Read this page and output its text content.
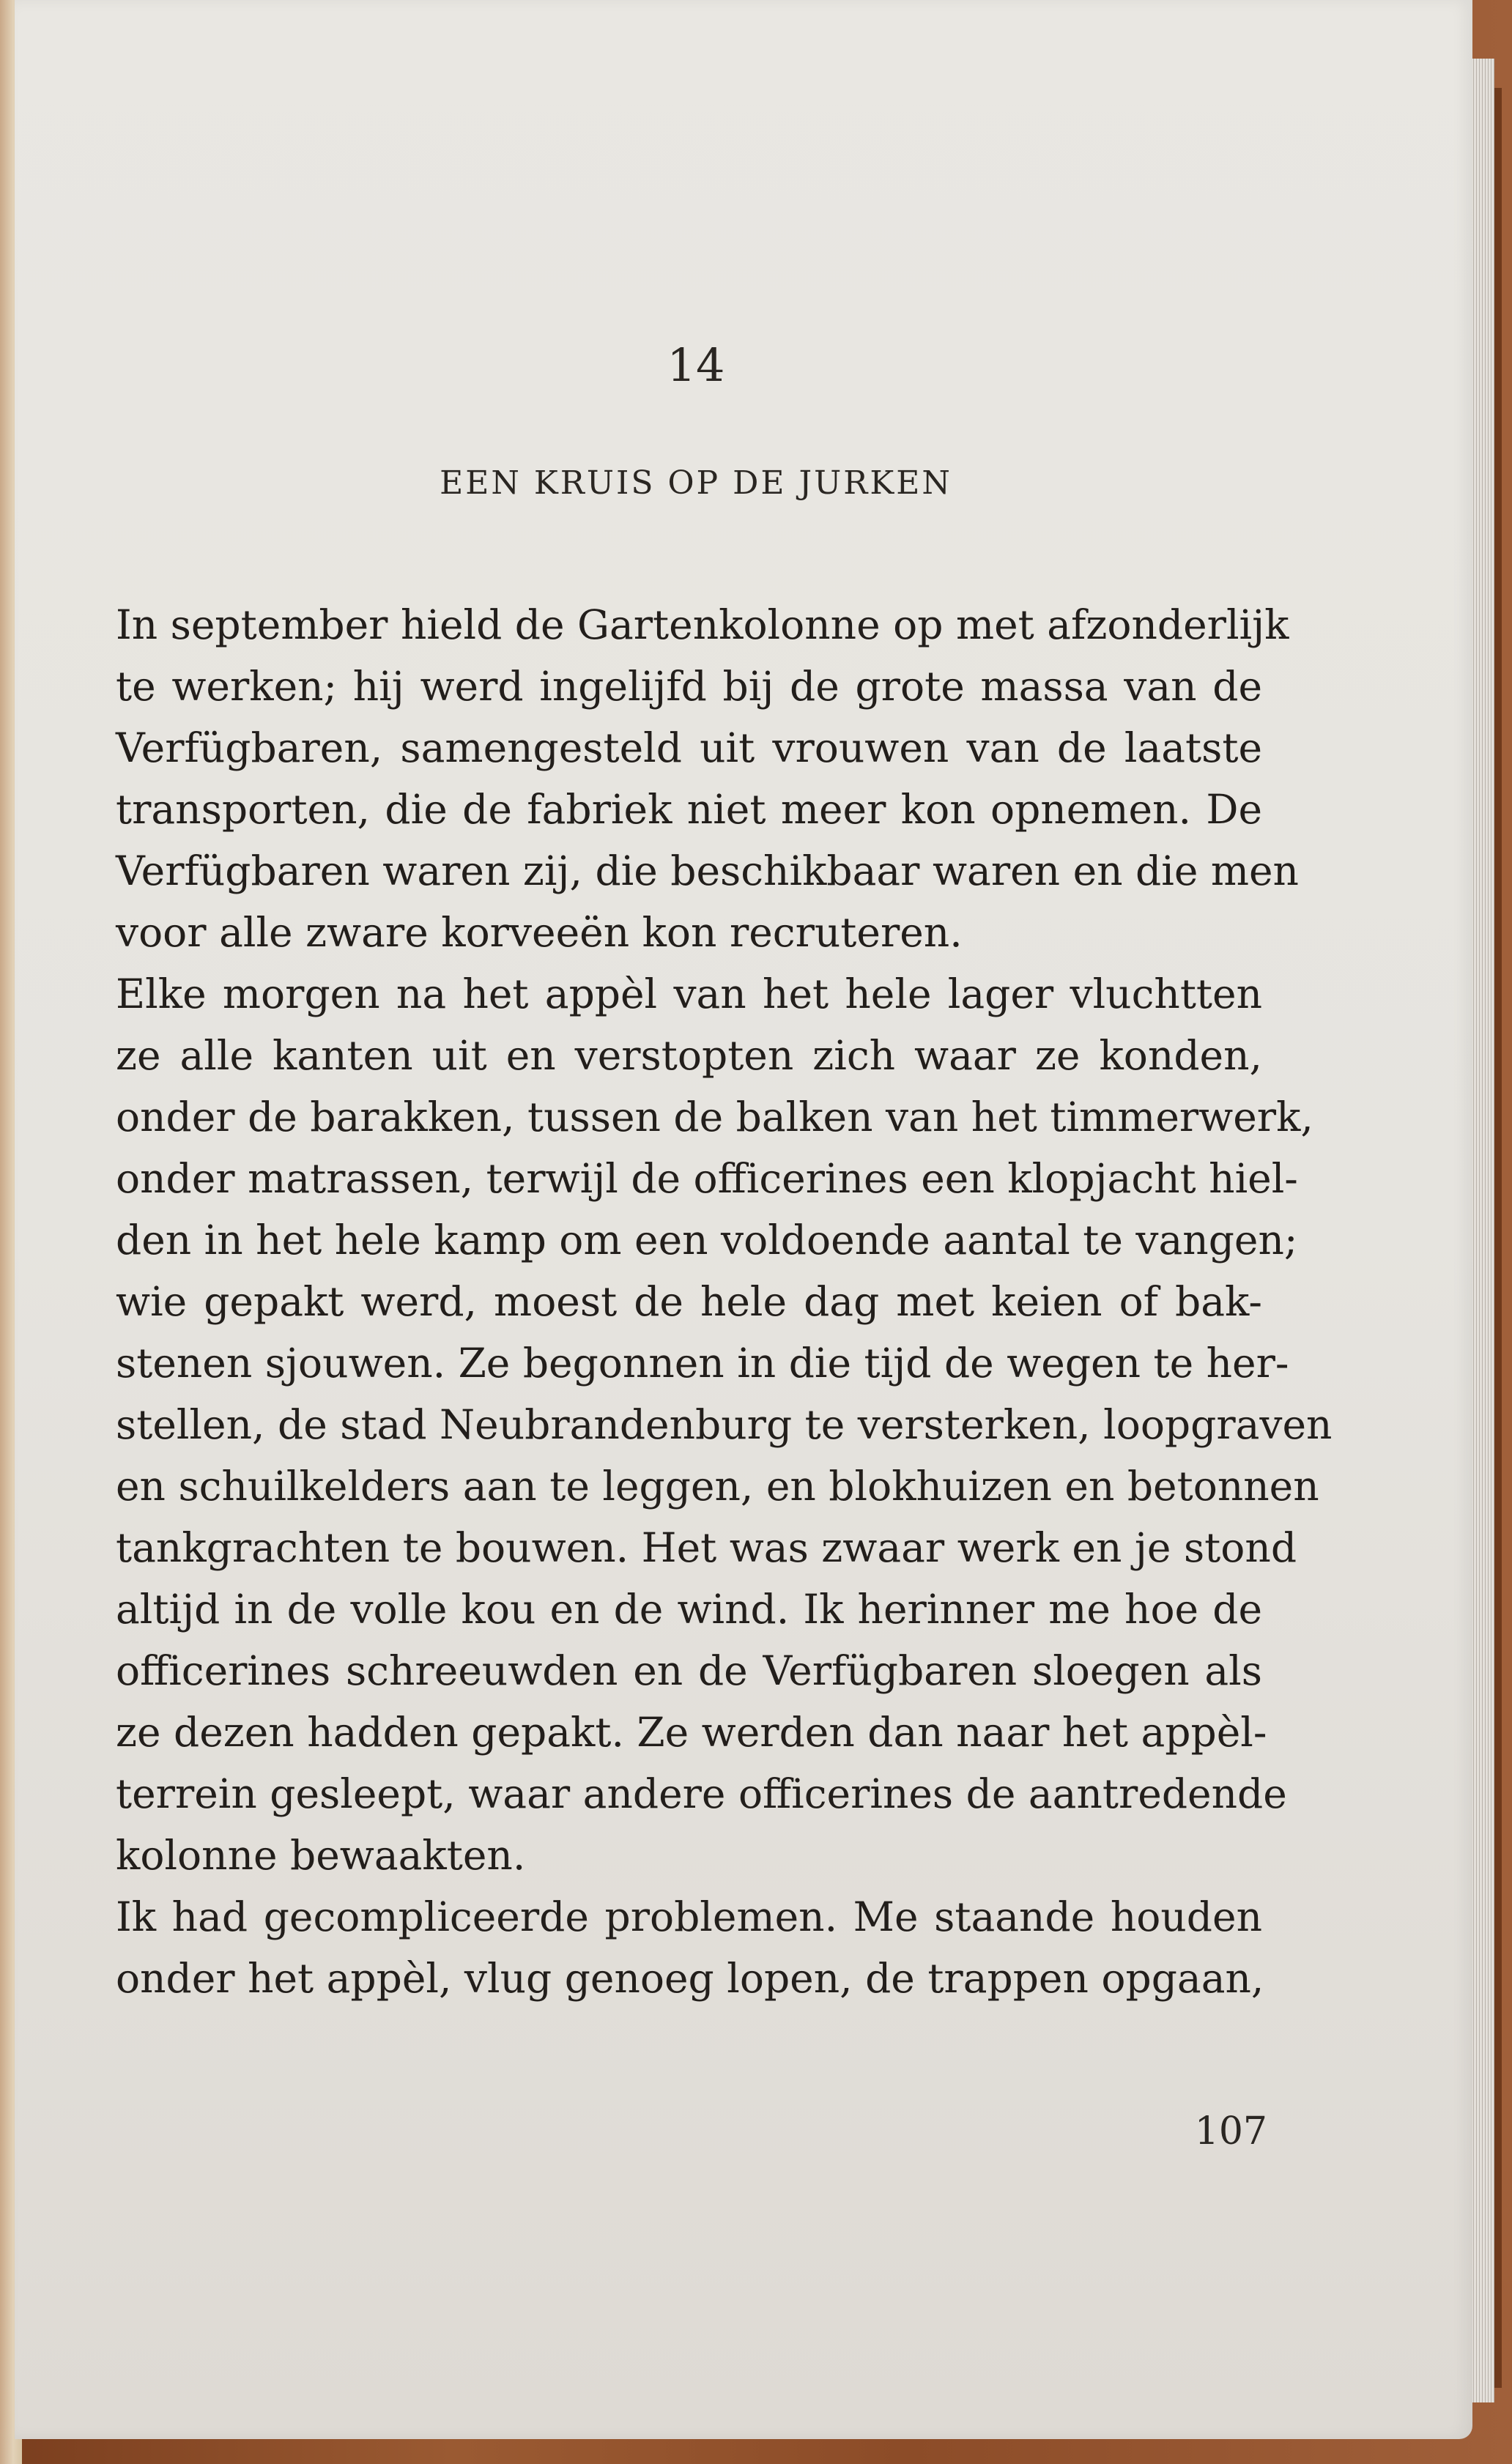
14
EEN KRUIS OP DE JURKEN
In september hield de Gartenkolonne op met afzonderlijk
te werken; hij werd ingelijfd bij de grote massa van de
Verfügbaren, samengesteld uit vrouwen van de laatste
transporten, die de fabriek niet meer kon opnemen. De
Verfügbaren waren zij, die beschikbaar waren en die men
voor alle zware korveeën kon recruteren.
Elke morgen na het appèl van het hele lager vluchtten
ze alle kanten uit en verstopten zich waar ze konden,
onder de barakken, tussen de balken van het timmerwerk,
onder matrassen, terwijl de officerines een klopjacht hiel-
den in het hele kamp om een voldoende aantal te vangen;
wie gepakt werd, moest de hele dag met keien of bak-
stenen sjouwen. Ze begonnen in die tijd de wegen te her-
stellen, de stad Neubrandenburg te versterken, loopgraven
en schuilkelders aan te leggen, en blokhuizen en betonnen
tankgrachten te bouwen. Het was zwaar werk en je stond
altijd in de volle kou en de wind. Ik herinner me hoe de
officerines schreeuwden en de Verfügbaren sloegen als
ze dezen hadden gepakt. Ze werden dan naar het appèl-
terrein gesleept, waar andere officerines de aantredende
kolonne bewaakten.
Ik had gecompliceerde problemen. Me staande houden
onder het appèl, vlug genoeg lopen, de trappen opgaan,
107
